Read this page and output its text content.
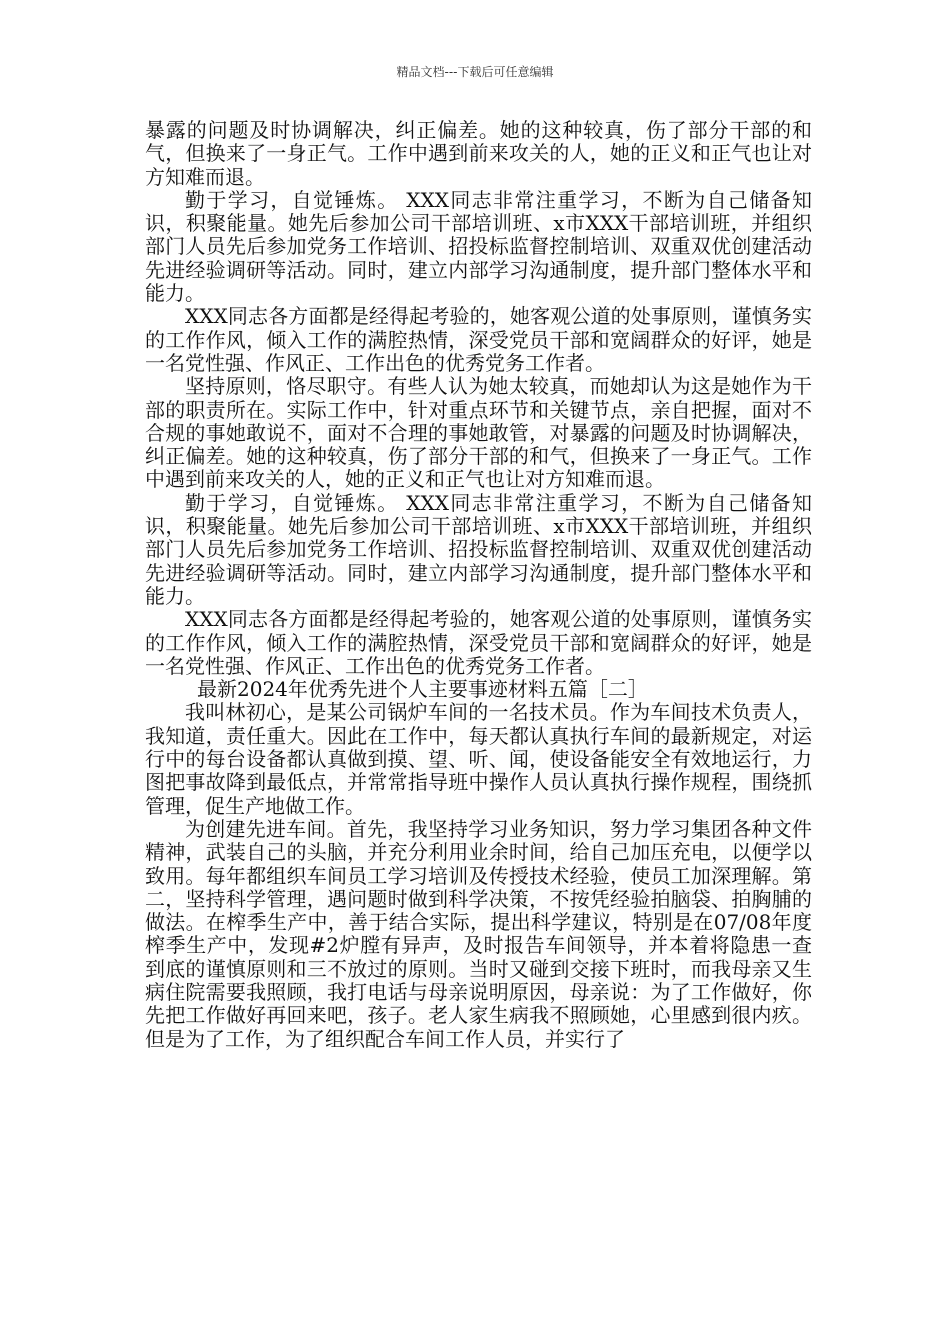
精品文档---下载后可任意编辑

暴露的问题及时协调解决，纠正偏差。她的这种较真，伤了部分干部的和气，但换来了一身正气。工作中遇到前来攻关的人，她的正义和正气也让对方知难而退。

勤于学习，自觉锤炼。 XXX同志非常注重学习，不断为自己储备知识，积聚能量。她先后参加公司干部培训班、x市XXX干部培训班，并组织部门人员先后参加党务工作培训、招投标监督控制培训、双重双优创建活动先进经验调研等活动。同时，建立内部学习沟通制度，提升部门整体水平和能力。

XXX同志各方面都是经得起考验的，她客观公道的处事原则，谨慎务实的工作作风，倾入工作的满腔热情，深受党员干部和宽阔群众的好评，她是一名党性强、作风正、工作出色的优秀党务工作者。

坚持原则，恪尽职守。有些人认为她太较真，而她却认为这是她作为干部的职责所在。实际工作中，针对重点环节和关键节点，亲自把握，面对不合规的事她敢说不，面对不合理的事她敢管，对暴露的问题及时协调解决，纠正偏差。她的这种较真，伤了部分干部的和气，但换来了一身正气。工作中遇到前来攻关的人，她的正义和正气也让对方知难而退。

勤于学习，自觉锤炼。 XXX同志非常注重学习，不断为自己储备知识，积聚能量。她先后参加公司干部培训班、x市XXX干部培训班，并组织部门人员先后参加党务工作培训、招投标监督控制培训、双重双优创建活动先进经验调研等活动。同时，建立内部学习沟通制度，提升部门整体水平和能力。

XXX同志各方面都是经得起考验的，她客观公道的处事原则，谨慎务实的工作作风，倾入工作的满腔热情，深受党员干部和宽阔群众的好评，她是一名党性强、作风正、工作出色的优秀党务工作者。

最新2024年优秀先进个人主要事迹材料五篇［二］

我叫林初心，是某公司锅炉车间的一名技术员。作为车间技术负责人，我知道，责任重大。因此在工作中，每天都认真执行车间的最新规定，对运行中的每台设备都认真做到摸、望、听、闻，使设备能安全有效地运行，力图把事故降到最低点，并常常指导班中操作人员认真执行操作规程，围绕抓管理，促生产地做工作。

为创建先进车间。首先，我坚持学习业务知识，努力学习集团各种文件精神，武装自己的头脑，并充分利用业余时间，给自己加压充电，以便学以致用。每年都组织车间员工学习培训及传授技术经验，使员工加深理解。第二，坚持科学管理，遇问题时做到科学决策，不按凭经验拍脑袋、拍胸脯的做法。在榨季生产中，善于结合实际，提出科学建议，特别是在07/08年度榨季生产中，发现#2炉膛有异声，及时报告车间领导，并本着将隐患一查到底的谨慎原则和三不放过的原则。当时又碰到交接下班时，而我母亲又生病住院需要我照顾，我打电话与母亲说明原因，母亲说：为了工作做好，你先把工作做好再回来吧，孩子。老人家生病我不照顾她，心里感到很内疚。但是为了工作，为了组织配合车间工作人员，并实行了
